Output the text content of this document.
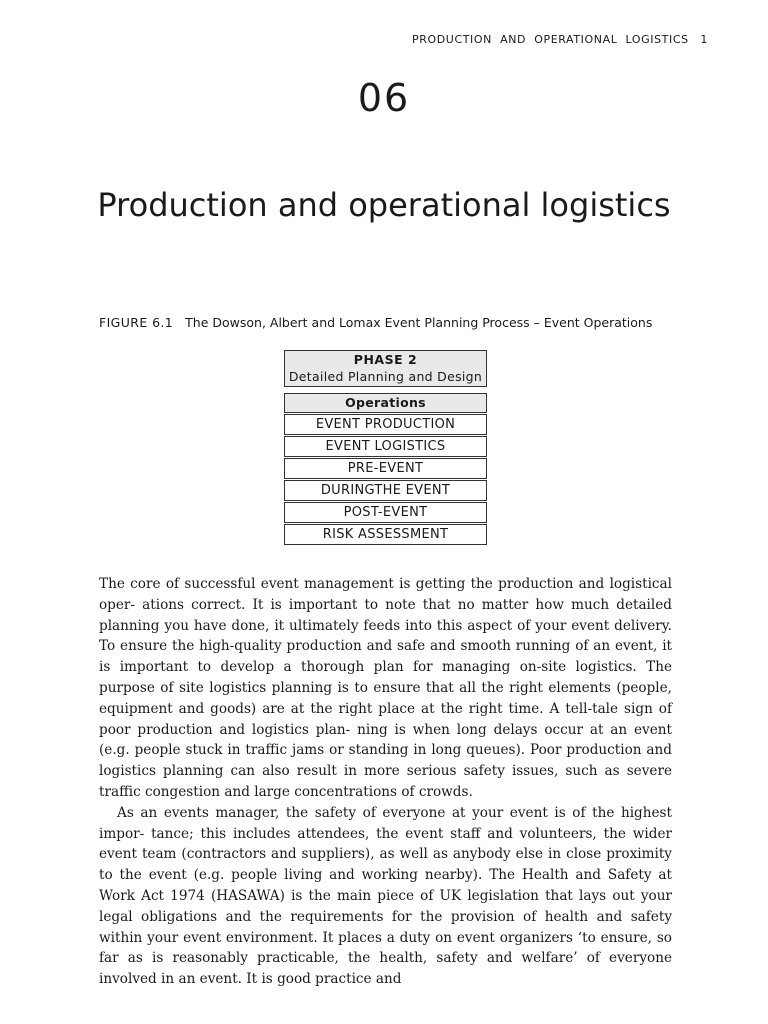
PRODUCTION AND OPERATIONAL LOGISTICS 1
06
Production and operational logistics
FIGURE 6.1 The Dowson, Albert and Lomax Event Planning Process – Event Operations
PHASE 2
Detailed Planning and Design
Operations
EVENT PRODUCTION
EVENT LOGISTICS
PRE-EVENT
DURINGTHE EVENT
POST-EVENT
RISK ASSESSMENT

The core of successful event management is getting the production and logistical oper- ations correct. It is important to note that no matter how much detailed planning you have done, it ultimately feeds into this aspect of your event delivery. To ensure the high-quality production and safe and smooth running of an event, it is important to develop a thorough plan for managing on-site logistics. The purpose of site logistics planning is to ensure that all the right elements (people, equipment and goods) are at the right place at the right time. A tell-tale sign of poor production and logistics plan- ning is when long delays occur at an event (e.g. people stuck in traffic jams or standing in long queues). Poor production and logistics planning can also result in more serious safety issues, such as severe traffic congestion and large concentrations of crowds.

As an events manager, the safety of everyone at your event is of the highest impor- tance; this includes attendees, the event staff and volunteers, the wider event team (contractors and suppliers), as well as anybody else in close proximity to the event (e.g. people living and working nearby). The Health and Safety at Work Act 1974 (HASAWA) is the main piece of UK legislation that lays out your legal obligations and the requirements for the provision of health and safety within your event environment. It places a duty on event organizers ‘to ensure, so far as is reasonably practicable, the health, safety and welfare’ of everyone involved in an event. It is good practice and
